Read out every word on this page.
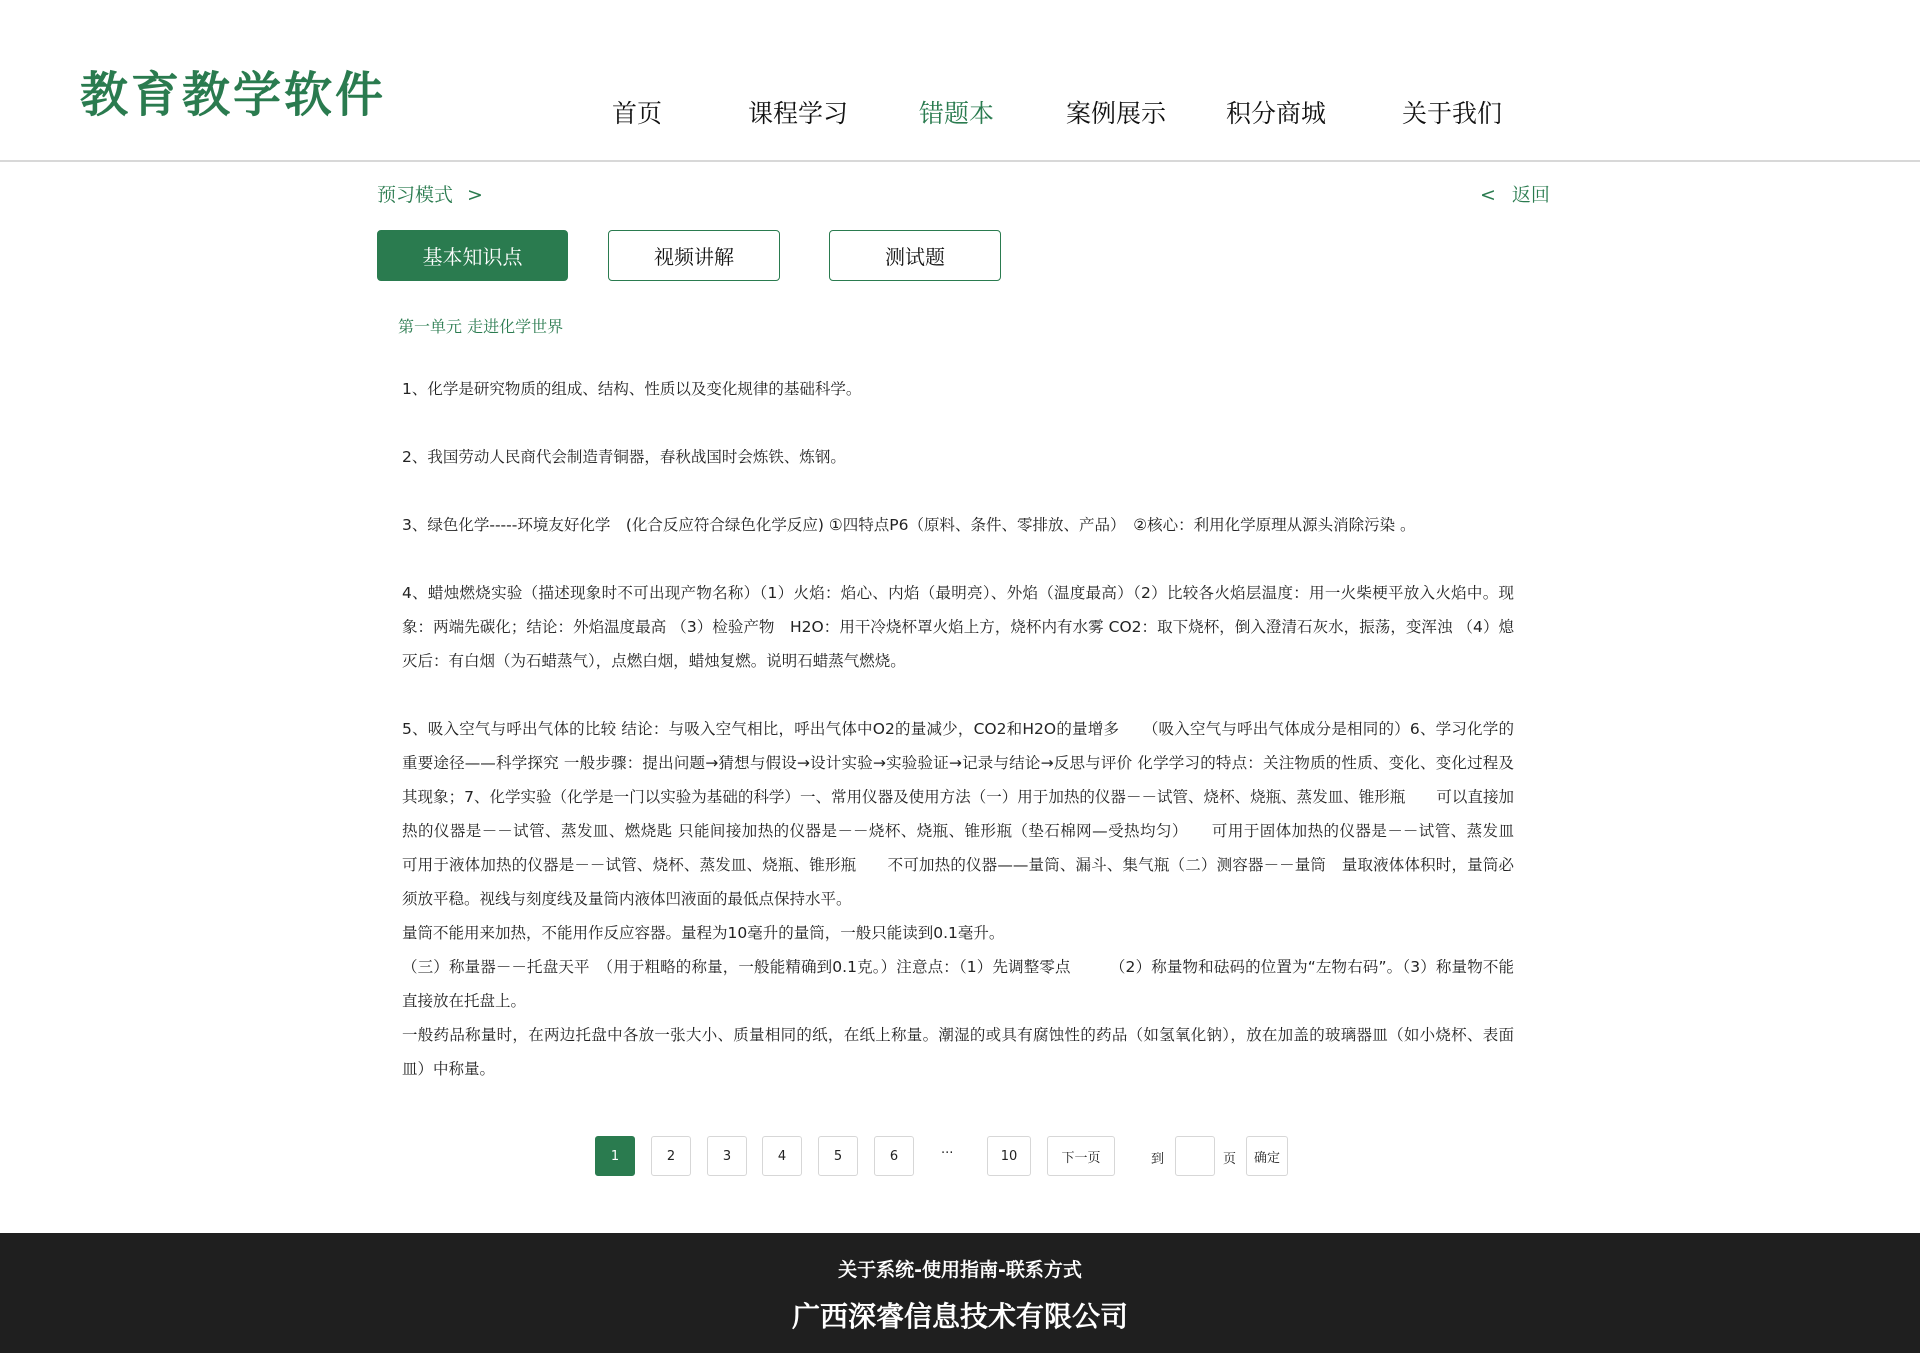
教育教学软件	首页	课程学习	错题本	案例展示 积分商城	关于我们
预习模式 >	< 返回
基本知识点	视频讲解	测试题
第一单元 走进化学世界

1、化学是研究物质的组成、结构、性质以及变化规律的基础科学。

2、我国劳动人民商代会制造青铜器，春秋战国时会炼铁、炼钢。

3、绿色化学-----环境友好化学　(化合反应符合绿色化学反应) ①四特点P6（原料、条件、零排放、产品）　②核心：利用化学原理从源头消除污染 。

4、蜡烛燃烧实验（描述现象时不可出现产物名称）（1）火焰：焰心、内焰（最明亮）、外焰（温度最高）（2）比较各火焰层温度：用一火柴梗平放入火焰中。现象：两端先碳化；结论：外焰温度最高 （3）检验产物　H2O：用干冷烧杯罩火焰上方，烧杯内有水雾 CO2：取下烧杯，倒入澄清石灰水，振荡，变浑浊 （4）熄灭后：有白烟（为石蜡蒸气），点燃白烟，蜡烛复燃。说明石蜡蒸气燃烧。

5、吸入空气与呼出气体的比较 结论：与吸入空气相比，呼出气体中O2的量减少，CO2和H2O的量增多　　（吸入空气与呼出气体成分是相同的）6、学习化学的重要途径——科学探究 一般步骤：提出问题→猜想与假设→设计实验→实验验证→记录与结论→反思与评价 化学学习的特点：关注物质的性质、变化、变化过程及其现象；7、化学实验（化学是一门以实验为基础的科学）一、常用仪器及使用方法（一）用于加热的仪器－－试管、烧杯、烧瓶、蒸发皿、锥形瓶　　可以直接加热的仪器是－－试管、蒸发皿、燃烧匙 只能间接加热的仪器是－－烧杯、烧瓶、锥形瓶（垫石棉网—受热均匀）　　可用于固体加热的仪器是－－试管、蒸发皿　　可用于液体加热的仪器是－－试管、烧杯、蒸发皿、烧瓶、锥形瓶　　不可加热的仪器——量筒、漏斗、集气瓶（二）测容器－－量筒　量取液体体积时，量筒必须放平稳。视线与刻度线及量筒内液体凹液面的最低点保持水平。
量筒不能用来加热，不能用作反应容器。量程为10毫升的量筒，一般只能读到0.1毫升。
（三）称量器－－托盘天平　（用于粗略的称量，一般能精确到0.1克。）注意点：（1）先调整零点　　　（2）称量物和砝码的位置为“左物右码”。（3）称量物不能直接放在托盘上。
一般药品称量时，在两边托盘中各放一张大小、质量相同的纸，在纸上称量。潮湿的或具有腐蚀性的药品（如氢氧化钠），放在加盖的玻璃器皿（如小烧杯、表面皿）中称量。

1	2	3	4	5	6	···	10	下一页	到	页	确定
关于系统-使用指南-联系方式
广西深睿信息技术有限公司
